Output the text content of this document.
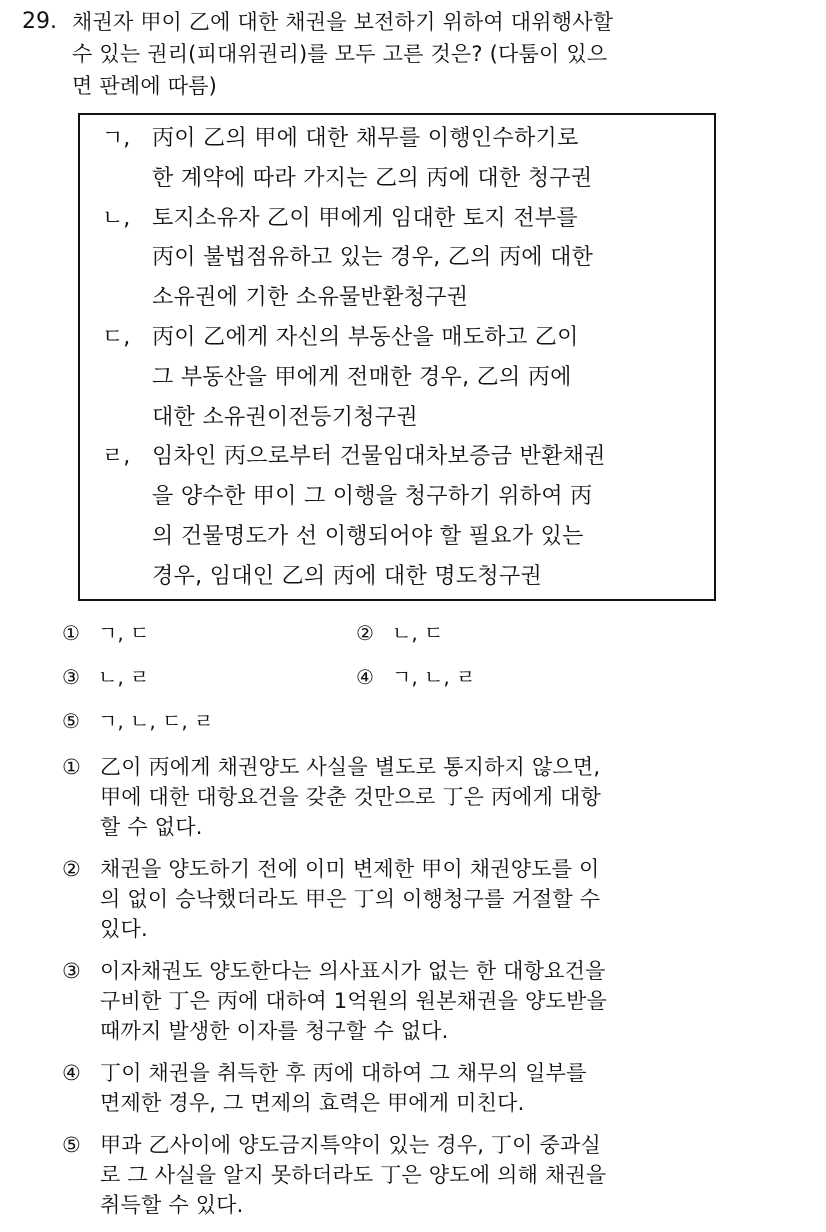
29. 채권자 甲이 乙에 대한 채권을 보전하기 위하여 대위행사할
수 있는 권리(피대위권리)를 모두 고른 것은? (다툼이 있으
면 판례에 따름)
ㄱ, 丙이 乙의 甲에 대한 채무를 이행인수하기로
한 계약에 따라 가지는 乙의 丙에 대한 청구권
ㄴ, 토지소유자 乙이 甲에게 임대한 토지 전부를
丙이 불법점유하고 있는 경우, 乙의 丙에 대한
소유권에 기한 소유물반환청구권
ㄷ, 丙이 乙에게 자신의 부동산을 매도하고 乙이
그 부동산을 甲에게 전매한 경우, 乙의 丙에
대한 소유권이전등기청구권
ㄹ, 임차인 丙으로부터 건물임대차보증금 반환채권
을 양수한 甲이 그 이행을 청구하기 위하여 丙
의 건물명도가 선 이행되어야 할 필요가 있는
경우, 임대인 乙의 丙에 대한 명도청구권
① ㄱ, ㄷ	② ㄴ, ㄷ
③ ㄴ, ㄹ	④ ㄱ, ㄴ, ㄹ
⑤ ㄱ, ㄴ, ㄷ, ㄹ
① 乙이 丙에게 채권양도 사실을 별도로 통지하지 않으면,
甲에 대한 대항요건을 갖춘 것만으로 丁은 丙에게 대항
할 수 없다.
② 채권을 양도하기 전에 이미 변제한 甲이 채권양도를 이
의 없이 승낙했더라도 甲은 丁의 이행청구를 거절할 수
있다.
③ 이자채권도 양도한다는 의사표시가 없는 한 대항요건을
구비한 丁은 丙에 대하여 1억원의 원본채권을 양도받을
때까지 발생한 이자를 청구할 수 없다.
④ 丁이 채권을 취득한 후 丙에 대하여 그 채무의 일부를
면제한 경우, 그 면제의 효력은 甲에게 미친다.
⑤ 甲과 乙사이에 양도금지특약이 있는 경우, 丁이 중과실
로 그 사실을 알지 못하더라도 丁은 양도에 의해 채권을
취득할 수 있다.
